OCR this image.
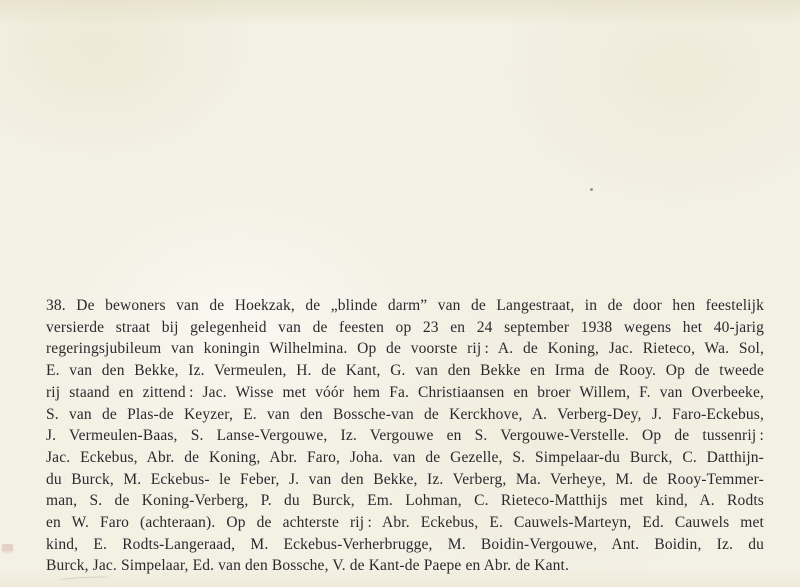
38. De bewoners van de Hoekzak, de „blinde darm” van de Langestraat, in de door hen feestelijk
versierde straat bij gelegenheid van de feesten op 23 en 24 september 1938 wegens het 40-jarig
regeringsjubileum van koningin Wilhelmina. Op de voorste rij : A. de Koning, Jac. Rieteco, Wa. Sol,
E. van den Bekke, Iz. Vermeulen, H. de Kant, G. van den Bekke en Irma de Rooy. Op de tweede
rij staand en zittend : Jac. Wisse met vóór hem Fa. Christiaansen en broer Willem, F. van Overbeeke,
S. van de Plas-de Keyzer, E. van den Bossche-van de Kerckhove, A. Verberg-Dey, J. Faro-Eckebus,
J. Vermeulen-Baas, S. Lanse-Vergouwe, Iz. Vergouwe en S. Vergouwe-Verstelle. Op de tussenrij :
Jac. Eckebus, Abr. de Koning, Abr. Faro, Joha. van de Gezelle, S. Simpelaar-du Burck, C. Datthijn-
du Burck, M. Eckebus- le Feber, J. van den Bekke, Iz. Verberg, Ma. Verheye, M. de Rooy-Temmer-
man, S. de Koning-Verberg, P. du Burck, Em. Lohman, C. Rieteco-Matthijs met kind, A. Rodts
en W. Faro (achteraan). Op de achterste rij : Abr. Eckebus, E. Cauwels-Marteyn, Ed. Cauwels met
kind, E. Rodts-Langeraad, M. Eckebus-Verherbrugge, M. Boidin-Vergouwe, Ant. Boidin, Iz. du
Burck, Jac. Simpelaar, Ed. van den Bossche, V. de Kant-de Paepe en Abr. de Kant.
